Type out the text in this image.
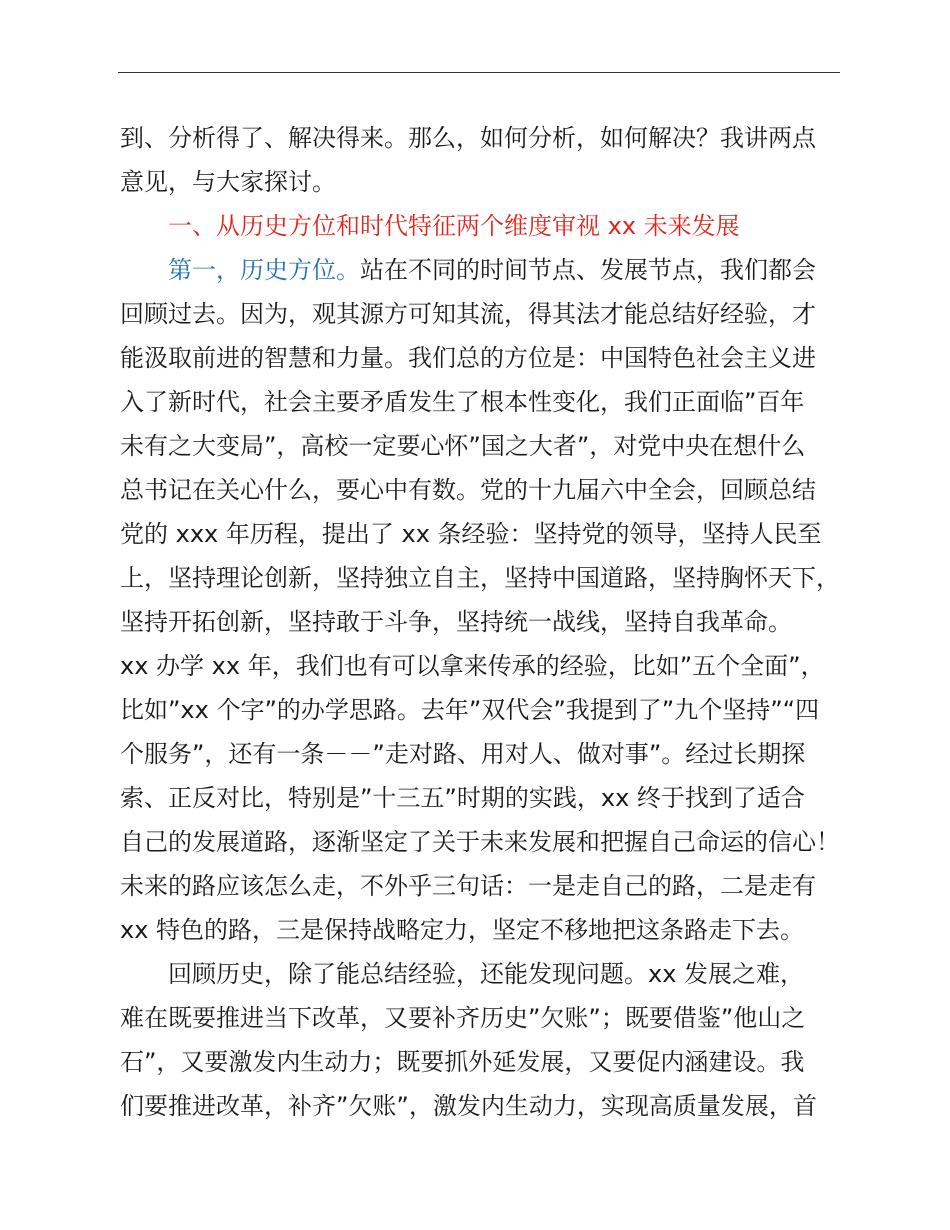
到、分析得了、解决得来。那么，如何分析，如何解决？我讲两点
意见，与大家探讨。
一、从历史方位和时代特征两个维度审视 xx 未来发展
第一，历史方位。站在不同的时间节点、发展节点，我们都会
回顾过去。因为，观其源方可知其流，得其法才能总结好经验，才
能汲取前进的智慧和力量。我们总的方位是：中国特色社会主义进
入了新时代，社会主要矛盾发生了根本性变化，我们正面临”百年
未有之大变局”，高校一定要心怀”国之大者”，对党中央在想什么
总书记在关心什么，要心中有数。党的十九届六中全会，回顾总结
党的 xxx 年历程，提出了 xx 条经验：坚持党的领导，坚持人民至
上，坚持理论创新，坚持独立自主，坚持中国道路，坚持胸怀天下，
坚持开拓创新，坚持敢于斗争，坚持统一战线，坚持自我革命。
xx 办学 xx 年，我们也有可以拿来传承的经验，比如”五个全面”，
比如”xx 个字”的办学思路。去年”双代会”我提到了”九个坚持”“四
个服务”，还有一条－－”走对路、用对人、做对事”。经过长期探
索、正反对比，特别是”十三五”时期的实践，xx 终于找到了适合
自己的发展道路，逐渐坚定了关于未来发展和把握自己命运的信心！
未来的路应该怎么走，不外乎三句话：一是走自己的路，二是走有
xx 特色的路，三是保持战略定力，坚定不移地把这条路走下去。
回顾历史，除了能总结经验，还能发现问题。xx 发展之难，
难在既要推进当下改革，又要补齐历史”欠账”；既要借鉴”他山之
石”，又要激发内生动力；既要抓外延发展，又要促内涵建设。我
们要推进改革，补齐”欠账”，激发内生动力，实现高质量发展，首
